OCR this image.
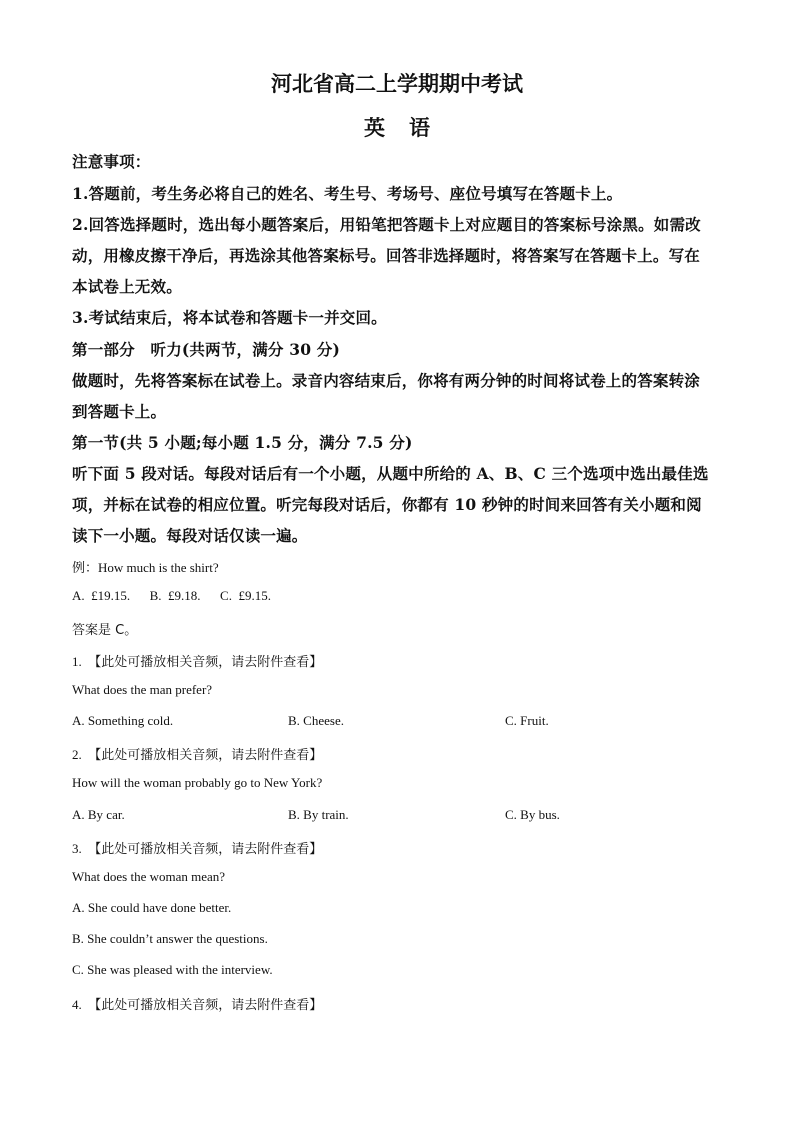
河北省高二上学期期中考试
英 语

注意事项：

1.答题前，考生务必将自己的姓名、考生号、考场号、座位号填写在答题卡上。

2.回答选择题时，选出每小题答案后，用铅笔把答题卡上对应题目的答案标号涂黑。如需改

动，用橡皮擦干净后，再选涂其他答案标号。回答非选择题时，将答案写在答题卡上。写在

本试卷上无效。

3.考试结束后，将本试卷和答题卡一并交回。

第一部分　听力(共两节，满分 30 分)

做题时，先将答案标在试卷上。录音内容结束后，你将有两分钟的时间将试卷上的答案转涂

到答题卡上。

第一节(共 5 小题;每小题 1.5 分，满分 7.5 分)

听下面 5 段对话。每段对话后有一个小题，从题中所给的 A、B、C 三个选项中选出最佳选

项，并标在试卷的相应位置。听完每段对话后，你都有 10 秒钟的时间来回答有关小题和阅

读下一小题。每段对话仅读一遍。

例：How much is the shirt?

A.  £19.15.      B.  £9.18.      C.  £9.15.

答案是 C。

1. 【此处可播放相关音频，请去附件查看】

What does the man prefer?

A. Something cold.	B. Cheese.	C. Fruit.

2. 【此处可播放相关音频，请去附件查看】

How will the woman probably go to New York?

A. By car.	B. By train.	C. By bus.

3. 【此处可播放相关音频，请去附件查看】

What does the woman mean?

A. She could have done better.

B. She couldn’t answer the questions.

C. She was pleased with the interview.

4. 【此处可播放相关音频，请去附件查看】
